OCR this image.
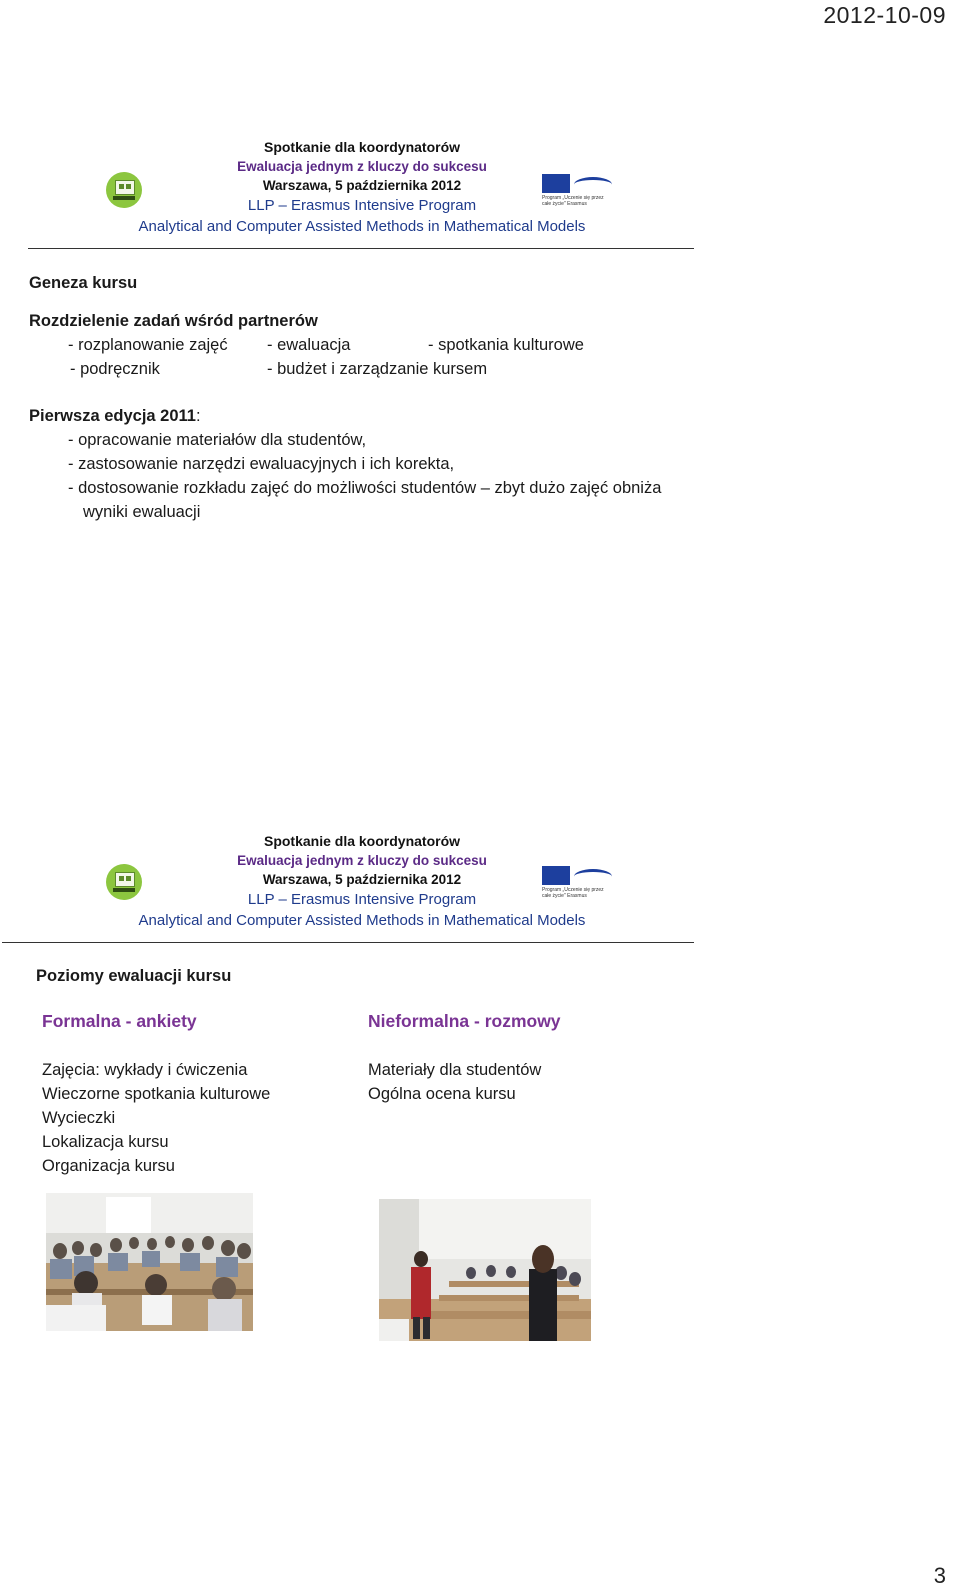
2012-10-09
Spotkanie dla koordynatorów
Ewaluacja jednym z kluczy do sukcesu
Warszawa, 5 października 2012
LLP – Erasmus Intensive Program
Analytical and Computer Assisted Methods in Mathematical Models
Program „Uczenie się przez całe życie" Erasmus
Geneza kursu
Rozdzielenie zadań wśród partnerów
- rozplanowanie zajęć - ewaluacja	- spotkania kulturowe
- podręcznik	- budżet i zarządzanie kursem
Pierwsza edycja 2011:
- opracowanie materiałów dla studentów,
- zastosowanie narzędzi ewaluacyjnych i ich korekta,
- dostosowanie rozkładu zajęć do możliwości studentów – zbyt dużo zajęć obniża
wyniki ewaluacji
Spotkanie dla koordynatorów
Ewaluacja jednym z kluczy do sukcesu
Warszawa, 5 października 2012
LLP – Erasmus Intensive Program
Analytical and Computer Assisted Methods in Mathematical Models
Program „Uczenie się przez całe życie" Erasmus
Poziomy ewaluacji kursu
Formalna - ankiety	Nieformalna - rozmowy
Zajęcia: wykłady i ćwiczenia
Wieczorne spotkania kulturowe
Wycieczki
Lokalizacja kursu
Organizacja kursu
Materiały dla studentów
Ogólna ocena kursu
3
